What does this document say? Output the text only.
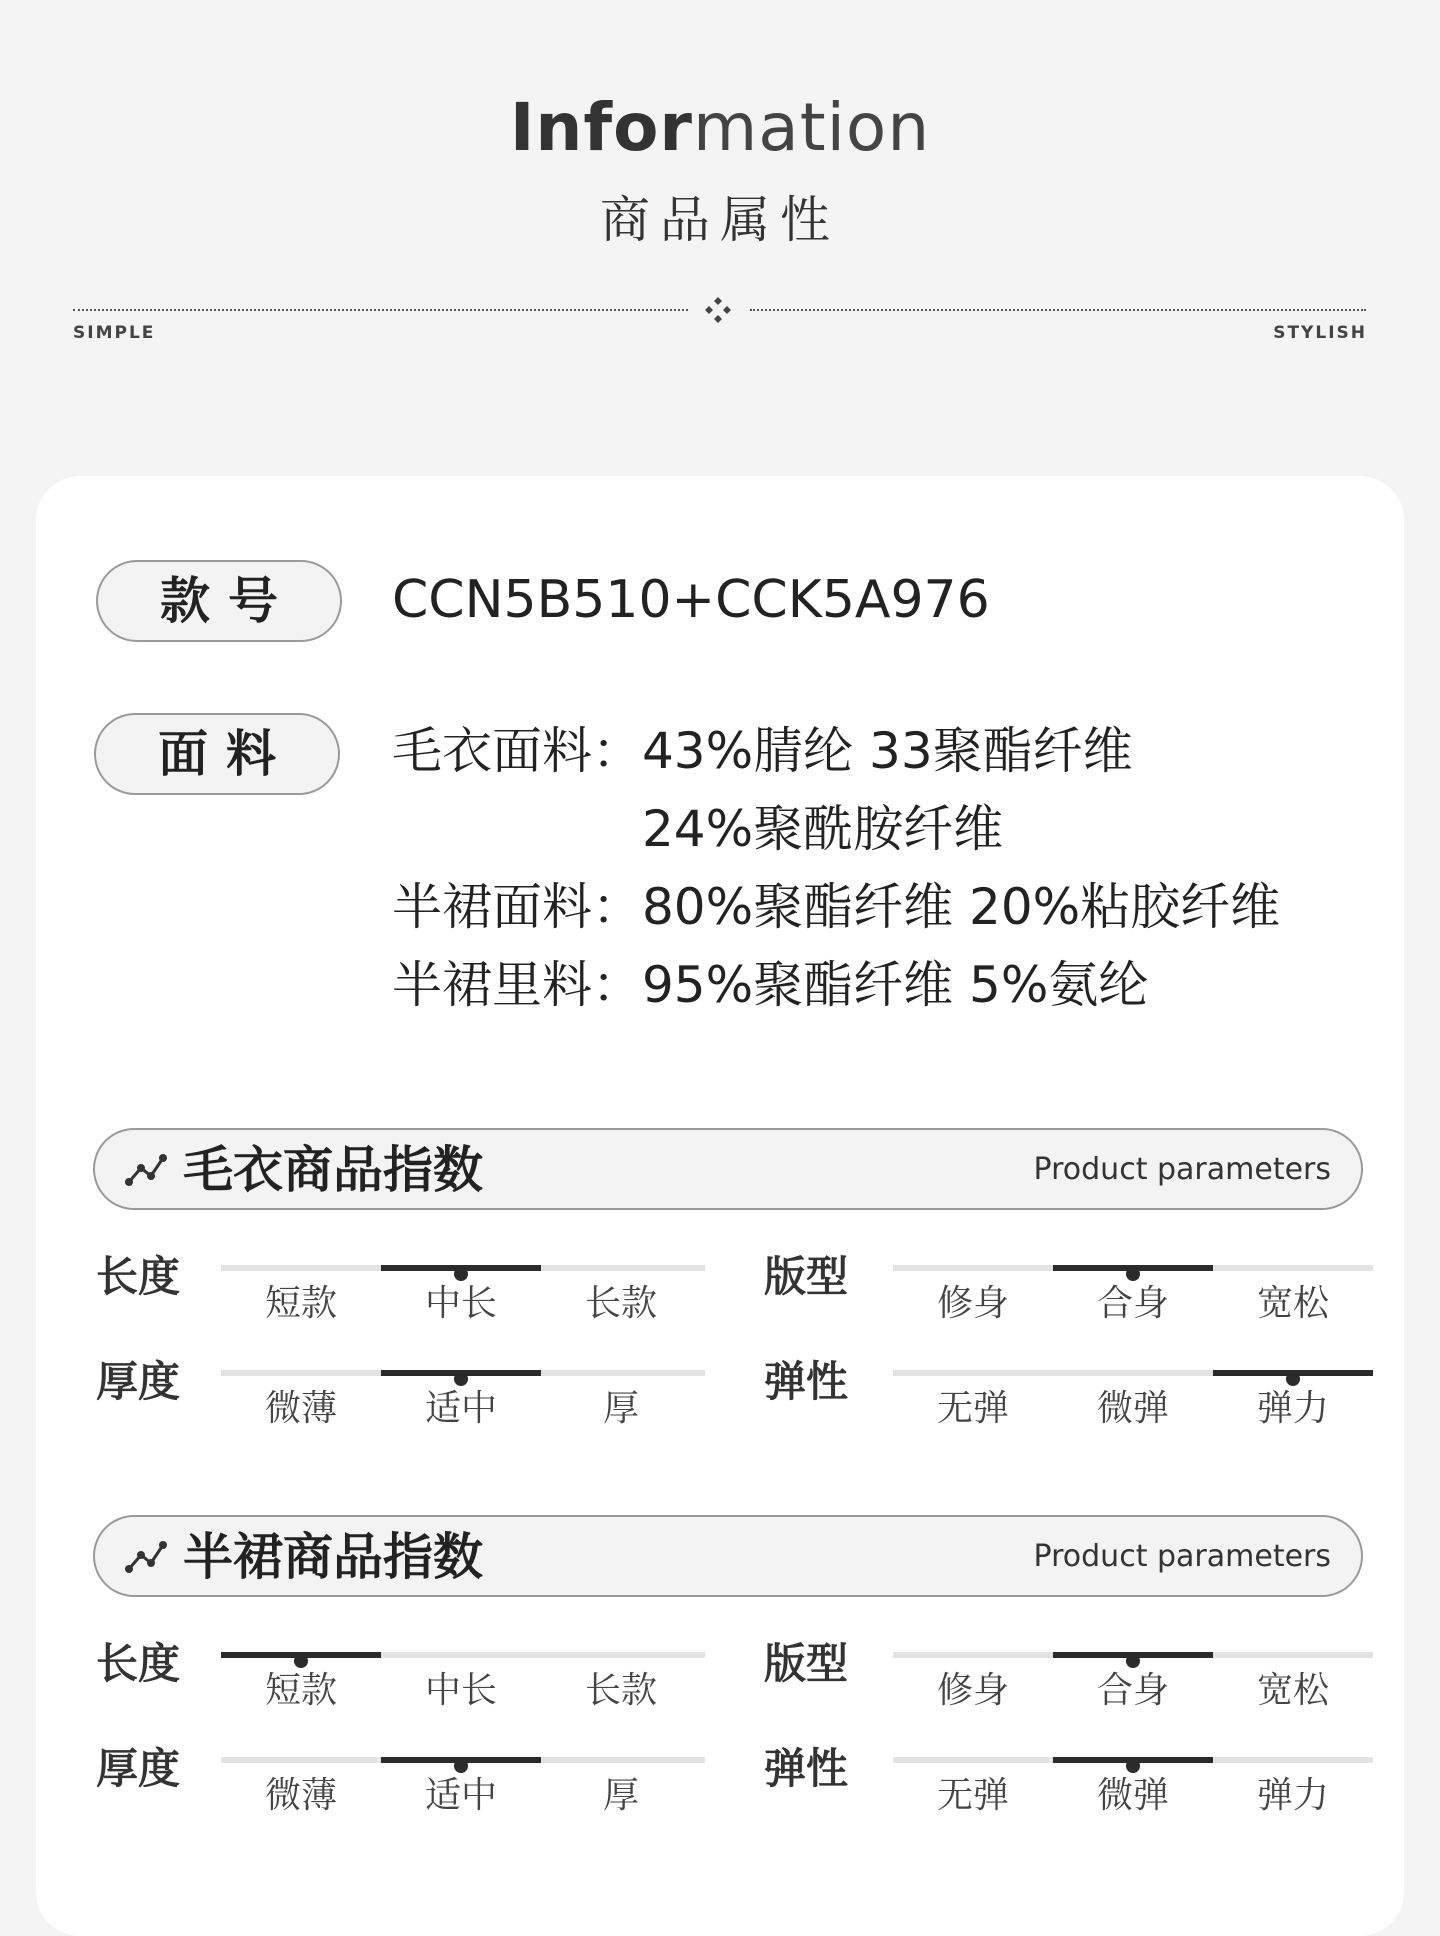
Information
商品属性
SIMPLE	STYLISH
款号	CCN5B510+CCK5A976
面料	毛衣面料：43%腈纶 33聚酯纤维
24%聚酰胺纤维
半裙面料：80%聚酯纤维 20%粘胶纤维
半裙里料：95%聚酯纤维 5%氨纶
毛衣商品指数	Product parameters
长度
短款	中长	长款
版型
修身	合身	宽松
厚度
微薄	适中	厚
弹性
无弹	微弹	弹力
半裙商品指数	Product parameters
长度
短款	中长	长款
版型
修身	合身	宽松
厚度
微薄	适中	厚
弹性
无弹	微弹	弹力
